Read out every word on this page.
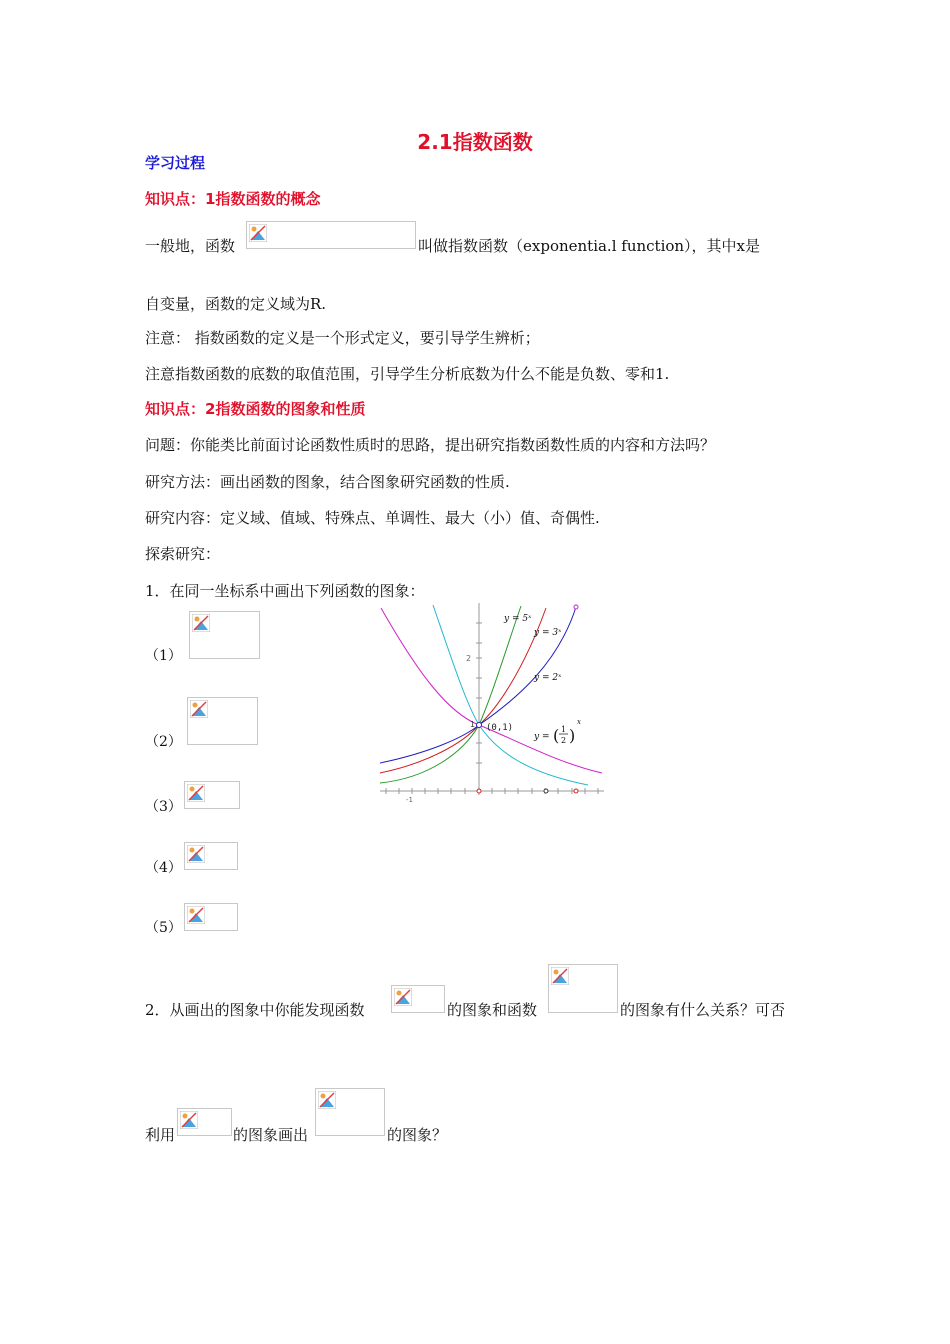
2.1指数函数
学习过程
知识点：1指数函数的概念
一般地，函数	叫做指数函数（exponentia.l function），其中x是
自变量，函数的定义域为R.
注意： 指数函数的定义是一个形式定义，要引导学生辨析；
注意指数函数的底数的取值范围，引导学生分析底数为什么不能是负数、零和1.
知识点：2指数函数的图象和性质
问题：你能类比前面讨论函数性质时的思路，提出研究指数函数性质的内容和方法吗？
研究方法：画出函数的图象，结合图象研究函数的性质.
研究内容：定义域、值域、特殊点、单调性、最大（小）值、奇偶性.
探索研究：
1．在同一坐标系中画出下列函数的图象：
（1）
（2）
（3）
（4）
（5）
2
1
-1
(0,1)
y = 5ˣ
y = 3ˣ
y = 2ˣ
y = ( 1
2 )
x
2．从画出的图象中你能发现函数	的图象和函数	的图象有什么关系？可否
利用	的图象画出	的图象？
